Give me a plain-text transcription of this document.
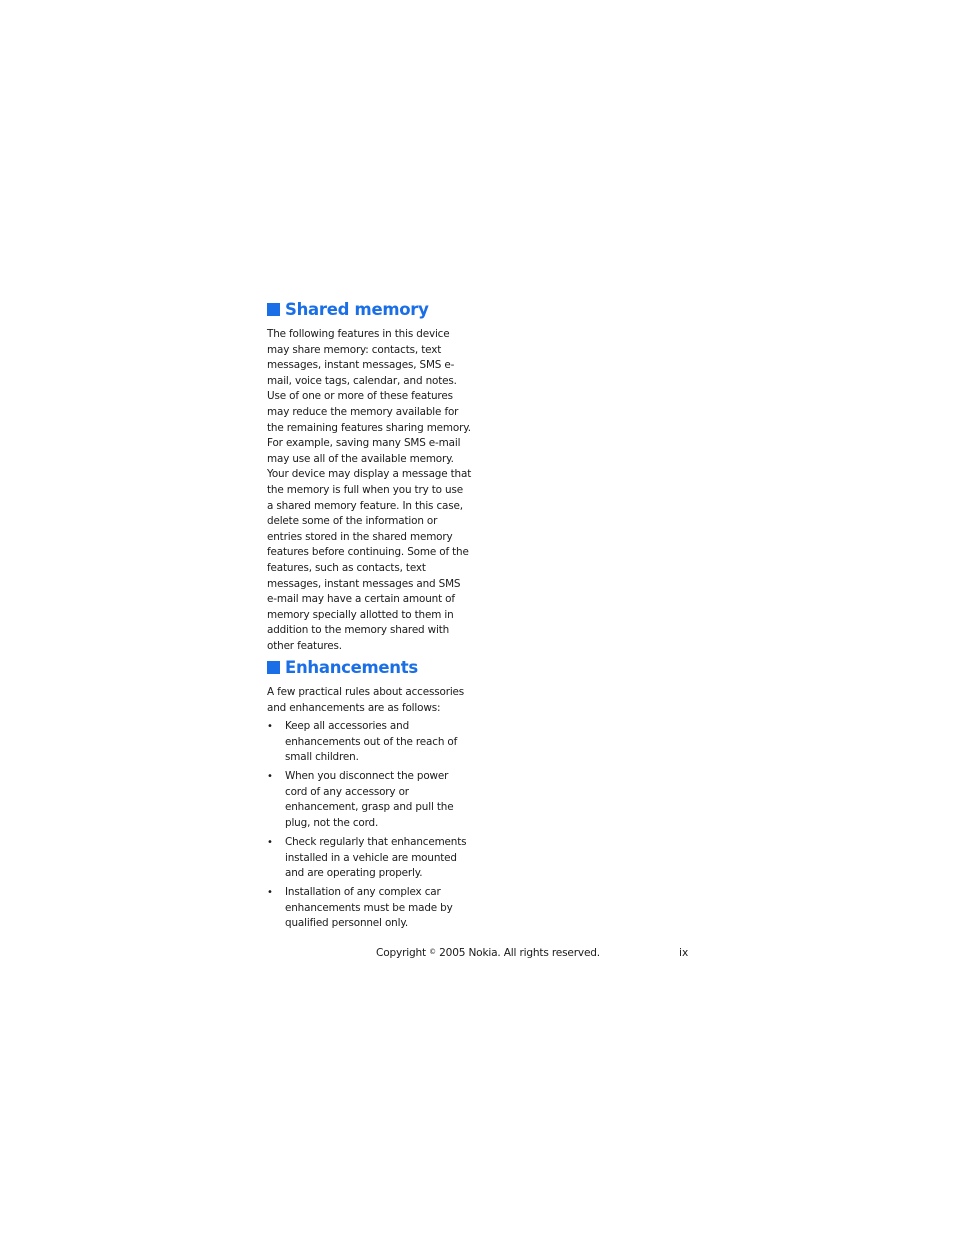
Shared memory

The following features in this device may share memory: contacts, text messages, instant messages, SMS e-mail, voice tags, calendar, and notes. Use of one or more of these features may reduce the memory available for the remaining features sharing memory. For example, saving many SMS e-mail may use all of the available memory. Your device may display a message that the memory is full when you try to use a shared memory feature. In this case, delete some of the information or entries stored in the shared memory features before continuing. Some of the features, such as contacts, text messages, instant messages and SMS e-mail may have a certain amount of memory specially allotted to them in addition to the memory shared with other features.

Enhancements

A few practical rules about accessories and enhancements are as follows:

•	Keep all accessories and enhancements out of the reach of small children.
•	When you disconnect the power cord of any accessory or enhancement, grasp and pull the plug, not the cord.
•	Check regularly that enhancements installed in a vehicle are mounted and are operating properly.
•	Installation of any complex car enhancements must be made by qualified personnel only.
Copyright © 2005 Nokia. All rights reserved.	ix
